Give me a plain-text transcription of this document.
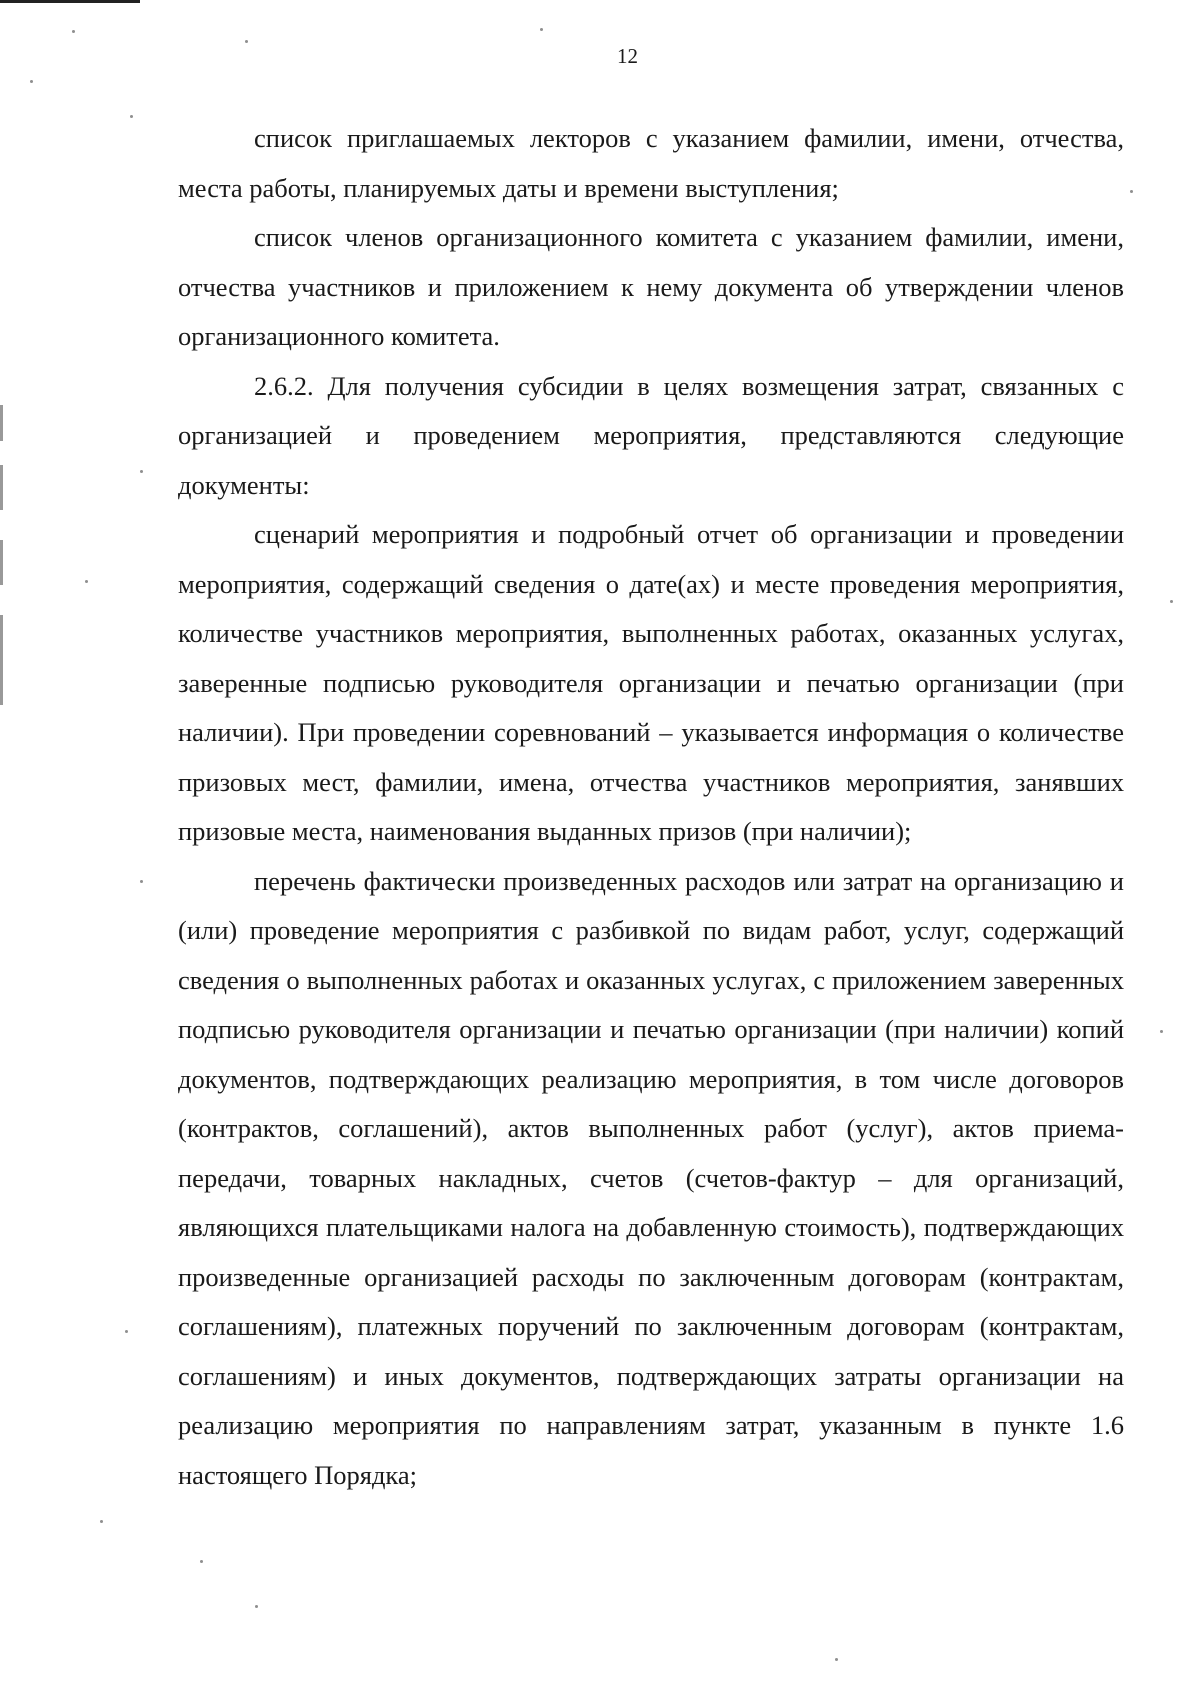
12

список приглашаемых лекторов с указанием фамилии, имени, отчества, места работы, планируемых даты и времени выступления;

список членов организационного комитета с указанием фамилии, имени, отчества участников и приложением к нему документа об утверждении членов организационного комитета.

2.6.2. Для получения субсидии в целях возмещения затрат, связанных с организацией и проведением мероприятия, представляются следующие документы:

сценарий мероприятия и подробный отчет об организации и проведении мероприятия, содержащий сведения о дате(ах) и месте проведения мероприятия, количестве участников мероприятия, выполненных работах, оказанных услугах, заверенные подписью руководителя организации и печатью организации (при наличии). При проведении соревнований – указывается информация о количестве призовых мест, фамилии, имена, отчества участников мероприятия, занявших призовые места, наименования выданных призов (при наличии);

перечень фактически произведенных расходов или затрат на организацию и (или) проведение мероприятия с разбивкой по видам работ, услуг, содержащий сведения о выполненных работах и оказанных услугах, с приложением заверенных подписью руководителя организации и печатью организации (при наличии) копий документов, подтверждающих реализацию мероприятия, в том числе договоров (контрактов, соглашений), актов выполненных работ (услуг), актов приема-передачи, товарных накладных, счетов (счетов-фактур – для организаций, являющихся плательщиками налога на добавленную стоимость), подтверждающих произведенные организацией расходы по заключенным договорам (контрактам, соглашениям), платежных поручений по заключенным договорам (контрактам, соглашениям) и иных документов, подтверждающих затраты организации на реализацию мероприятия по направлениям затрат, указанным в пункте 1.6 настоящего Порядка;
